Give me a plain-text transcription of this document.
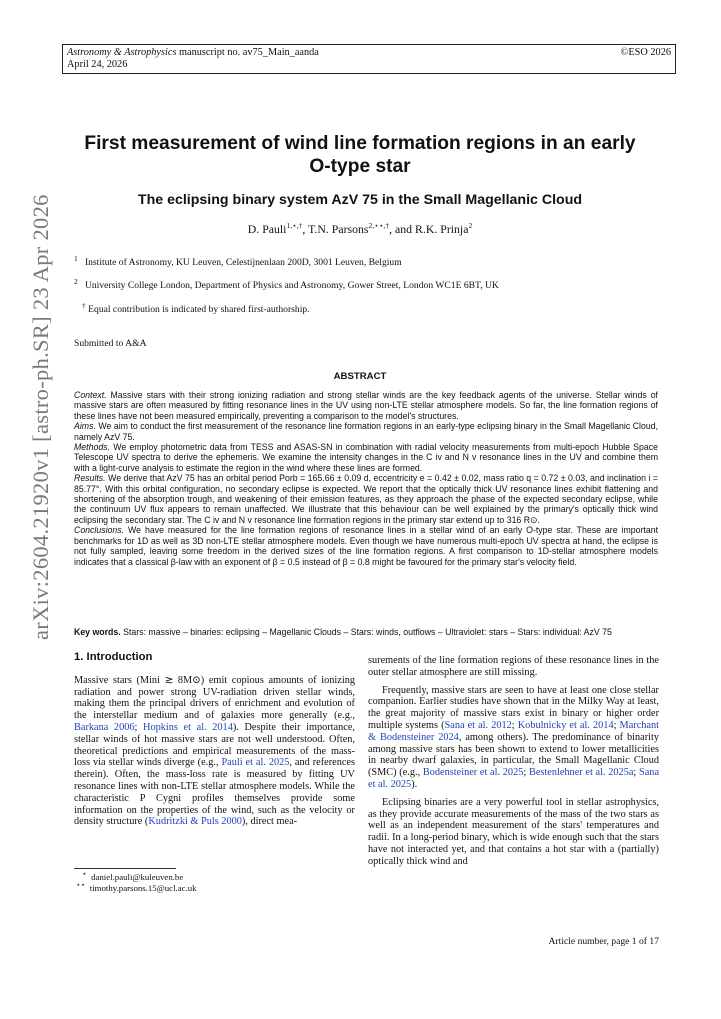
Astronomy & Astrophysics manuscript no. av75_Main_aanda
April 24, 2026
©ESO 2026
arXiv:2604.21920v1 [astro-ph.SR] 23 Apr 2026
First measurement of wind line formation regions in an early
O-type star
The eclipsing binary system AzV 75 in the Small Magellanic Cloud
D. Pauli$^{1,⋆,\dagger}$, T.N. Parsons$^{2,⋆⋆,\dagger}$, and R.K. Prinja$^2$
$^1$ Institute of Astronomy, KU Leuven, Celestijnenlaan 200D, 3001 Leuven, Belgium
$^2$ University College London, Department of Physics and Astronomy, Gower Street, London WC1E 6BT, UK
† Equal contribution is indicated by shared first-authorship.
Submitted to A&A
ABSTRACT

Context. Massive stars with their strong ionizing radiation and strong stellar winds are the key feedback agents of the universe. Stellar winds of massive stars are often measured by fitting resonance lines in the UV using non-LTE stellar atmosphere models. So far, the line formation regions of these lines have not been measured empirically, preventing a comparison to the model's structures.

Aims. We aim to conduct the first measurement of the resonance line formation regions in an early-type eclipsing binary in the Small Magellanic Cloud, namely AzV 75.

Methods. We employ photometric data from TESS and ASAS-SN in combination with radial velocity measurements from multi-epoch Hubble Space Telescope UV spectra to derive the ephemeris. We examine the intensity changes in the C iv and N v resonance lines in the UV and combine them with a light-curve analysis to estimate the region in the wind where these lines are formed.

Results. We derive that AzV 75 has an orbital period Porb = 165.66 ± 0.09 d, eccentricity e = 0.42 ± 0.02, mass ratio q = 0.72 ± 0.03, and inclination i = 85.77°. With this orbital configuration, no secondary eclipse is expected. We report that the optically thick UV resonance lines exhibit flattening and shortening of the absorption trough, and weakening of their emission features, as they approach the phase of the expected secondary eclipse, while the continuum UV flux appears to remain unaffected. We illustrate that this behaviour can be well explained by the primary's optically thick wind eclipsing the secondary star. The C iv and N v resonance line formation regions in the primary star extend up to 316 R⊙.

Conclusions. We have measured for the line formation regions of resonance lines in a stellar wind of an early O-type star. These are important benchmarks for 1D as well as 3D non-LTE stellar atmosphere models. Even though we have numerous multi-epoch UV spectra at hand, the eclipse is not fully sampled, leaving some freedom in the derived sizes of the line formation regions. A first comparison to 1D-stellar atmosphere models indicates that a classical β-law with an exponent of β = 0.5 instead of β = 0.8 might be favoured for the primary star's velocity field.

Key words. Stars: massive – binaries: eclipsing – Magellanic Clouds – Stars: winds, outflows – Ultraviolet: stars – Stars: individual: AzV 75
1. Introduction

Massive stars (Mini ≳ 8M⊙) emit copious amounts of ionizing radiation and power strong UV-radiation driven stellar winds, making them the principal drivers of enrichment and evolution of the interstellar medium and of galaxies more generally (e.g., Barkana 2006; Hopkins et al. 2014). Despite their importance, stellar winds of hot massive stars are not well understood. Often, theoretical predictions and empirical measurements of the mass-loss via stellar winds diverge (e.g., Pauli et al. 2025, and references therein). Often, the mass-loss rate is measured by fitting UV resonance lines with non-LTE stellar atmosphere models. While the characteristic P Cygni profiles themselves provide some information on the properties of the wind, such as the velocity or density structure (Kudritzki & Puls 2000), direct mea-

surements of the line formation regions of these resonance lines in the outer stellar atmosphere are still missing.

Frequently, massive stars are seen to have at least one close stellar companion. Earlier studies have shown that in the Milky Way at least, the great majority of massive stars exist in binary or higher order multiple systems (Sana et al. 2012; Kobulnicky et al. 2014; Marchant & Bodensteiner 2024, among others). The predominance of binarity among massive stars has been shown to extend to lower metallicities in nearby dwarf galaxies, in particular, the Small Magellanic Cloud (SMC) (e.g., Bodensteiner et al. 2025; Bestenlehner et al. 2025a; Sana et al. 2025).

Eclipsing binaries are a very powerful tool in stellar astrophysics, as they provide accurate measurements of the mass of the two stars as well as an independent measurement of the stars' temperatures and radii. In a long-period binary, which is wide enough such that the stars have not interacted yet, and that contains a hot star with a (partially) optically thick wind and

⋆ daniel.pauli@kuleuven.be
⋆⋆ timothy.parsons.15@ucl.ac.uk
Article number, page 1 of 17
